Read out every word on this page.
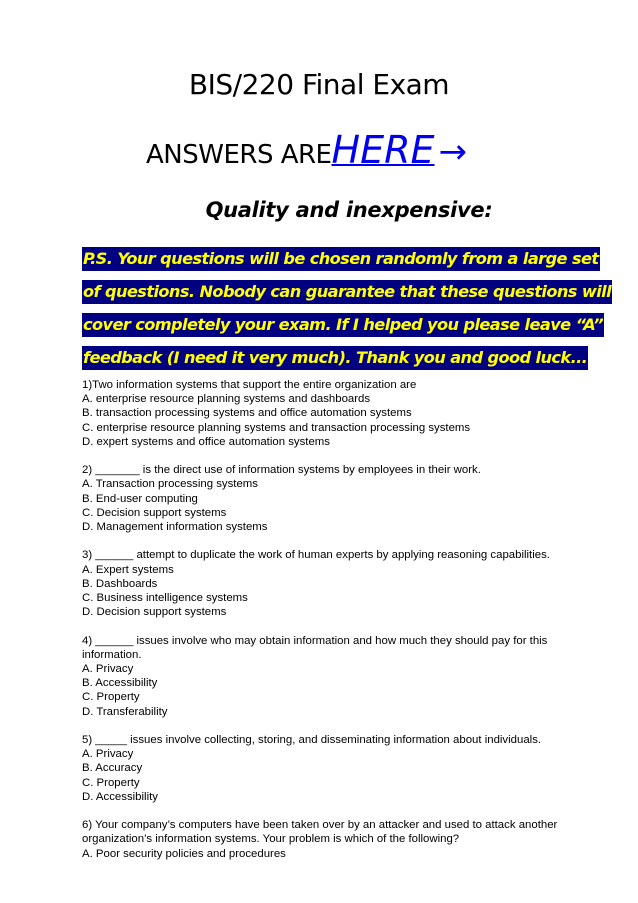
BIS/220 Final Exam
ANSWERS AREHERE →
Quality and inexpensive:
P.S. Your questions will be chosen randomly from a large set
of questions. Nobody can guarantee that these questions will
cover completely your exam. If I helped you please leave “A”
feedback (I need it very much). Thank you and good luck...
1)Two information systems that support the entire organization are
A. enterprise resource planning systems and dashboards
B. transaction processing systems and office automation systems
C. enterprise resource planning systems and transaction processing systems
D. expert systems and office automation systems
2) _______ is the direct use of information systems by employees in their work.
A. Transaction processing systems
B. End-user computing
C. Decision support systems
D. Management information systems
3) ______ attempt to duplicate the work of human experts by applying reasoning capabilities.
A. Expert systems
B. Dashboards
C. Business intelligence systems
D. Decision support systems
4) ______ issues involve who may obtain information and how much they should pay for this information.
A. Privacy
B. Accessibility
C. Property
D. Transferability
5) _____ issues involve collecting, storing, and disseminating information about individuals.
A. Privacy
B. Accuracy
C. Property
D. Accessibility
6) Your company’s computers have been taken over by an attacker and used to attack another organization’s information systems. Your problem is which of the following?
A. Poor security policies and procedures
